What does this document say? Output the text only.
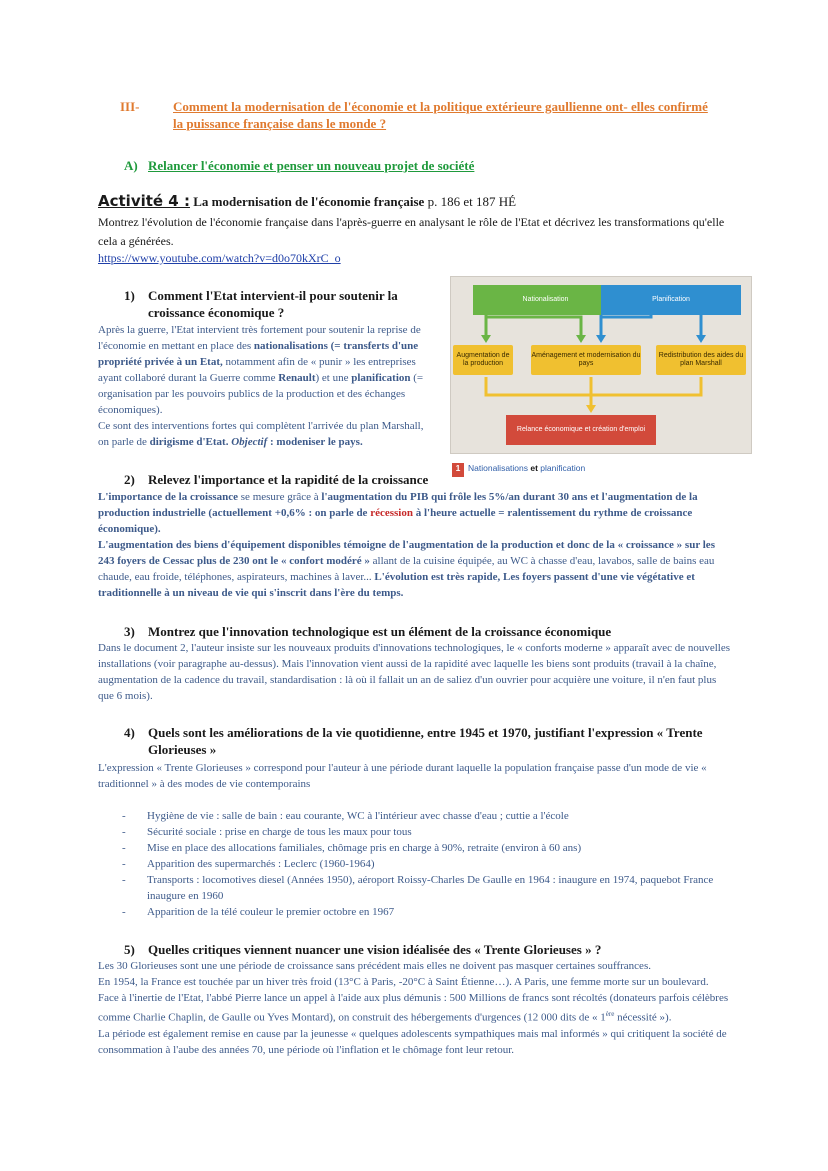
III-	Comment la modernisation de l'économie et la politique extérieure gaullienne ont- elles confirmé
la puissance française dans le monde ?
A) Relancer l'économie et penser un nouveau projet de société
Activité 4 : La modernisation de l'économie française p. 186 et 187 HÉ
Montrez l'évolution de l'économie française dans l'après-guerre en analysant le rôle de l'Etat et décrivez les transformations qu'elle
cela a générées.
https://www.youtube.com/watch?v=d0o70kXrC_o
Nationalisation	Planification
Augmentation de la production
Aménagement et modernisation du pays
Redistribution des aides du plan Marshall
Relance économique et création d'emploi
1 Nationalisations et planification
1) Comment l'Etat intervient-il pour soutenir la
croissance économique ?
Après la guerre, l'Etat intervient très fortement pour soutenir la reprise de l'économie en mettant en place des nationalisations (= transferts d'une propriété privée à un Etat, notamment afin de « punir » les entreprises ayant collaboré durant la Guerre comme Renault) et une planification (= organisation par les pouvoirs publics de la production et des échanges économiques).
Ce sont des interventions fortes qui complètent l'arrivée du plan Marshall, on parle de dirigisme d'Etat. Objectif : modeniser le pays.
2) Relevez l'importance et la rapidité de la croissance
L'importance de la croissance se mesure grâce à l'augmentation du PIB qui frôle les 5%/an durant 30 ans et l'augmentation de la production industrielle (actuellement +0,6% : on parle de récession à l'heure actuelle = ralentissement du rythme de croissance économique).
L'augmentation des biens d'équipement disponibles témoigne de l'augmentation de la production et donc de la « croissance » sur les 243 foyers de Cessac plus de 230 ont le « confort modéré » allant de la cuisine équipée, au WC à chasse d'eau, lavabos, salle de bains eau chaude, eau froide, téléphones, aspirateurs, machines à laver... L'évolution est très rapide, Les foyers passent d'une vie végétative et traditionnelle à un niveau de vie qui s'inscrit dans l'ère du temps.
3) Montrez que l'innovation technologique est un élément de la croissance économique
Dans le document 2, l'auteur insiste sur les nouveaux produits d'innovations technologiques, le « conforts moderne » apparaît avec de nouvelles installations (voir paragraphe au-dessus). Mais l'innovation vient aussi de la rapidité avec laquelle les biens sont produits (travail à la chaîne, augmentation de la cadence du travail, standardisation : là où il fallait un an de saliez d'un ouvrier pour acquière une voiture, il n'en faut plus que 6 mois).
4) Quels sont les améliorations de la vie quotidienne, entre 1945 et 1970, justifiant l'expression « Trente
Glorieuses »
L'expression « Trente Glorieuses » correspond pour l'auteur à une période durant laquelle la population française passe d'un mode de vie « traditionnel » à des modes de vie contemporains
- Hygiène de vie : salle de bain : eau courante, WC à l'intérieur avec chasse d'eau ; cuttie a l'école
- Sécurité sociale : prise en charge de tous les maux pour tous
- Mise en place des allocations familiales, chômage pris en charge à 90%, retraite (environ à 60 ans)
- Apparition des supermarchés : Leclerc (1960-1964)
- Transports : locomotives diesel (Années 1950), aéroport Roissy-Charles De Gaulle en 1964 : inaugure en 1974, paquebot France inaugure en 1960
- Apparition de la télé couleur le premier octobre en 1967
5) Quelles critiques viennent nuancer une vision idéalisée des « Trente Glorieuses » ?
Les 30 Glorieuses sont une une période de croissance sans précédent mais elles ne doivent pas masquer certaines souffrances.
En 1954, la France est touchée par un hiver très froid (13°C à Paris, -20°C à Saint Étienne…). A Paris, une femme morte sur un boulevard. Face à l'inertie de l'Etat, l'abbé Pierre lance un appel à l'aide aux plus démunis : 500 Millions de francs sont récoltés (donateurs parfois célèbres comme Charlie Chaplin, de Gaulle ou Yves Montard), on construit des hébergements d'urgences (12 000 dits de « 1ère nécessité »).
La période est également remise en cause par la jeunesse « quelques adolescents sympathiques mais mal informés » qui critiquent la société de consommation à l'aube des années 70, une période où l'inflation et le chômage font leur retour.
